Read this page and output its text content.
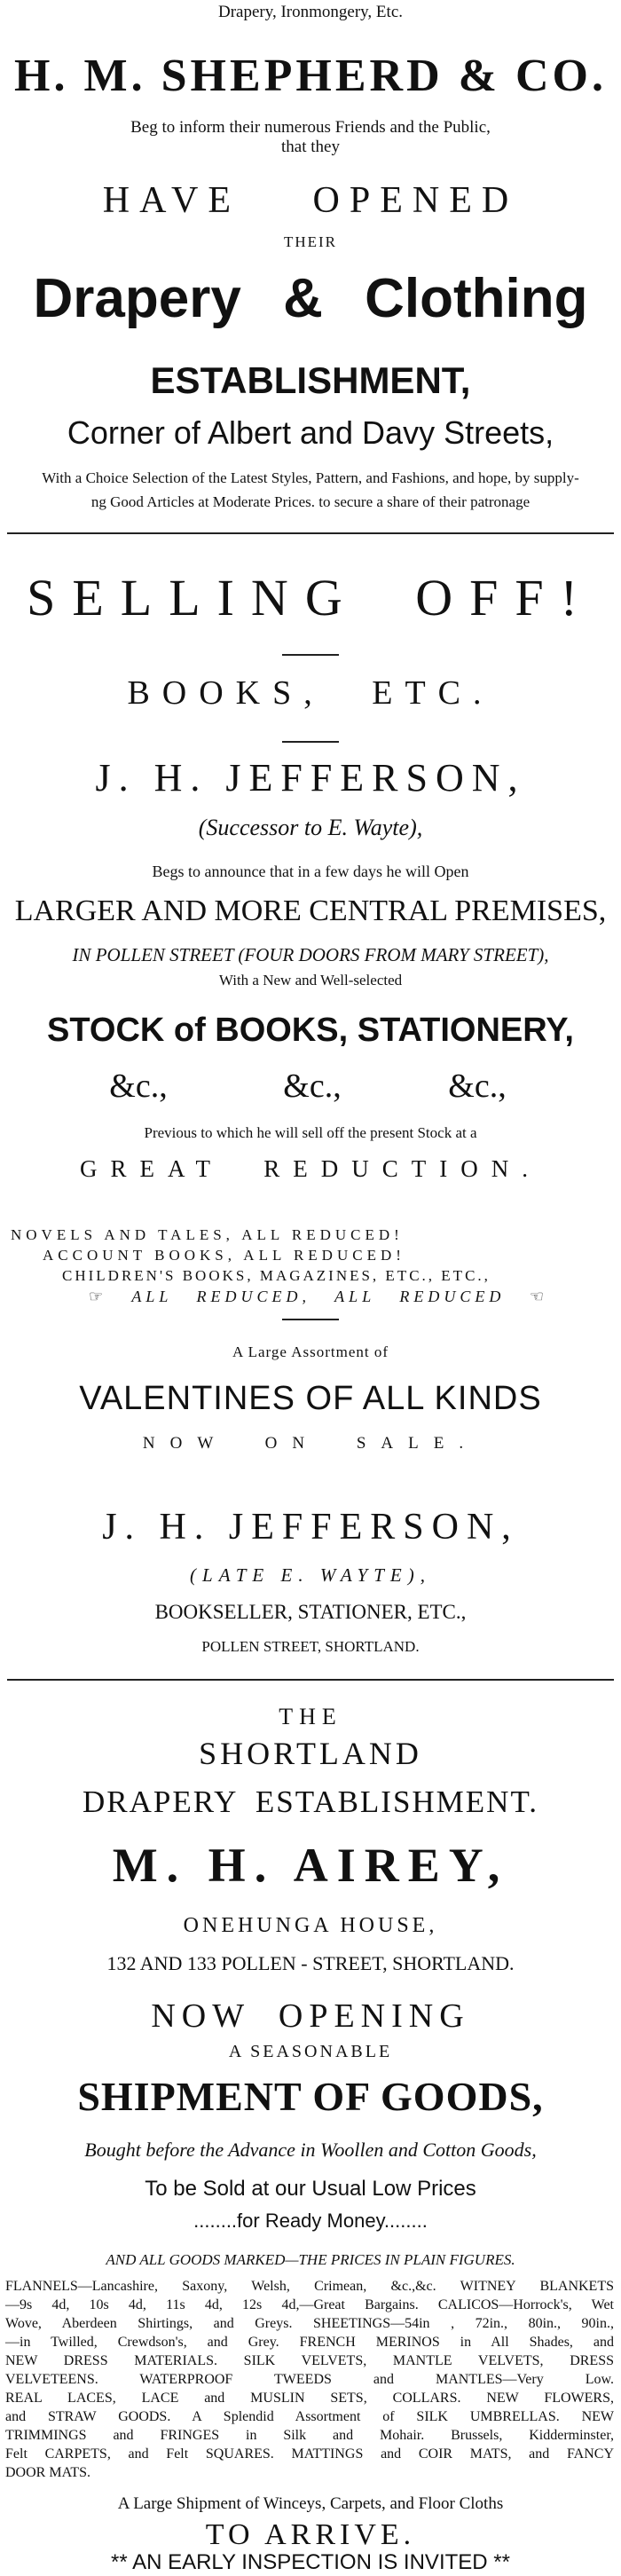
Drapery, Ironmongery, Etc.
H. M. SHEPHERD & CO.
Beg to inform their numerous Friends and the Public,
that they
HAVE OPENED
THEIR
Drapery & Clothing
ESTABLISHMENT,
Corner of Albert and Davy Streets,
With a Choice Selection of the Latest Styles, Pattern, and Fashions, and hope, by supply-
ng Good Articles at Moderate Prices. to secure a share of their patronage
SELLING OFF!
BOOKS, ETC.
J. H. JEFFERSON,
(Successor to E. Wayte),
Begs to announce that in a few days he will Open
LARGER AND MORE CENTRAL PREMISES,
IN POLLEN STREET (FOUR DOORS FROM MARY STREET),
With a New and Well-selected
STOCK of BOOKS, STATIONERY,
&c.,	&c.,	&c.,
Previous to which he will sell off the present Stock at a
GREAT REDUCTION.
NOVELS AND TALES, ALL REDUCED!
ACCOUNT BOOKS, ALL REDUCED!
CHILDREN'S BOOKS, MAGAZINES, ETC., ETC.,
☞ ALL REDUCED, ALL REDUCED ☜
A Large Assortment of
VALENTINES OF ALL KINDS
NOW ON SALE.
J. H. JEFFERSON,
(LATE E. WAYTE),
BOOKSELLER, STATIONER, ETC.,
POLLEN STREET, SHORTLAND.
THE
SHORTLAND
DRAPERY ESTABLISHMENT.
M. H. AIREY,
ONEHUNGA HOUSE,
132 AND 133 POLLEN - STREET, SHORTLAND.
NOW OPENING
A SEASONABLE
SHIPMENT OF GOODS,
Bought before the Advance in Woollen and Cotton Goods,
To be Sold at our Usual Low Prices
........for Ready Money........
AND ALL GOODS MARKED—THE PRICES IN PLAIN FIGURES.
FLANNELS—Lancashire, Saxony, Welsh, Crimean, &c.,&c. WITNEY BLANKETS
—9s 4d, 10s 4d, 11s 4d, 12s 4d,—Great Bargains. CALICOS—Horrock's, Wet
Wove, Aberdeen Shirtings, and Greys. SHEETINGS—54in , 72in., 80in., 90in.,
—in Twilled, Crewdson's, and Grey. FRENCH MERINOS in All Shades, and
NEW DRESS MATERIALS. SILK VELVETS, MANTLE VELVETS, DRESS
VELVETEENS. WATERPROOF TWEEDS and MANTLES—Very Low.
REAL LACES, LACE and MUSLIN SETS, COLLARS. NEW FLOWERS,
and STRAW GOODS. A Splendid Assortment of SILK UMBRELLAS. NEW
TRIMMINGS and FRINGES in Silk and Mohair. Brussels, Kidderminster,
Felt CARPETS, and Felt SQUARES. MATTINGS and COIR MATS, and FANCY
DOOR MATS.
A Large Shipment of Winceys, Carpets, and Floor Cloths
TO ARRIVE.
** AN EARLY INSPECTION IS INVITED **
